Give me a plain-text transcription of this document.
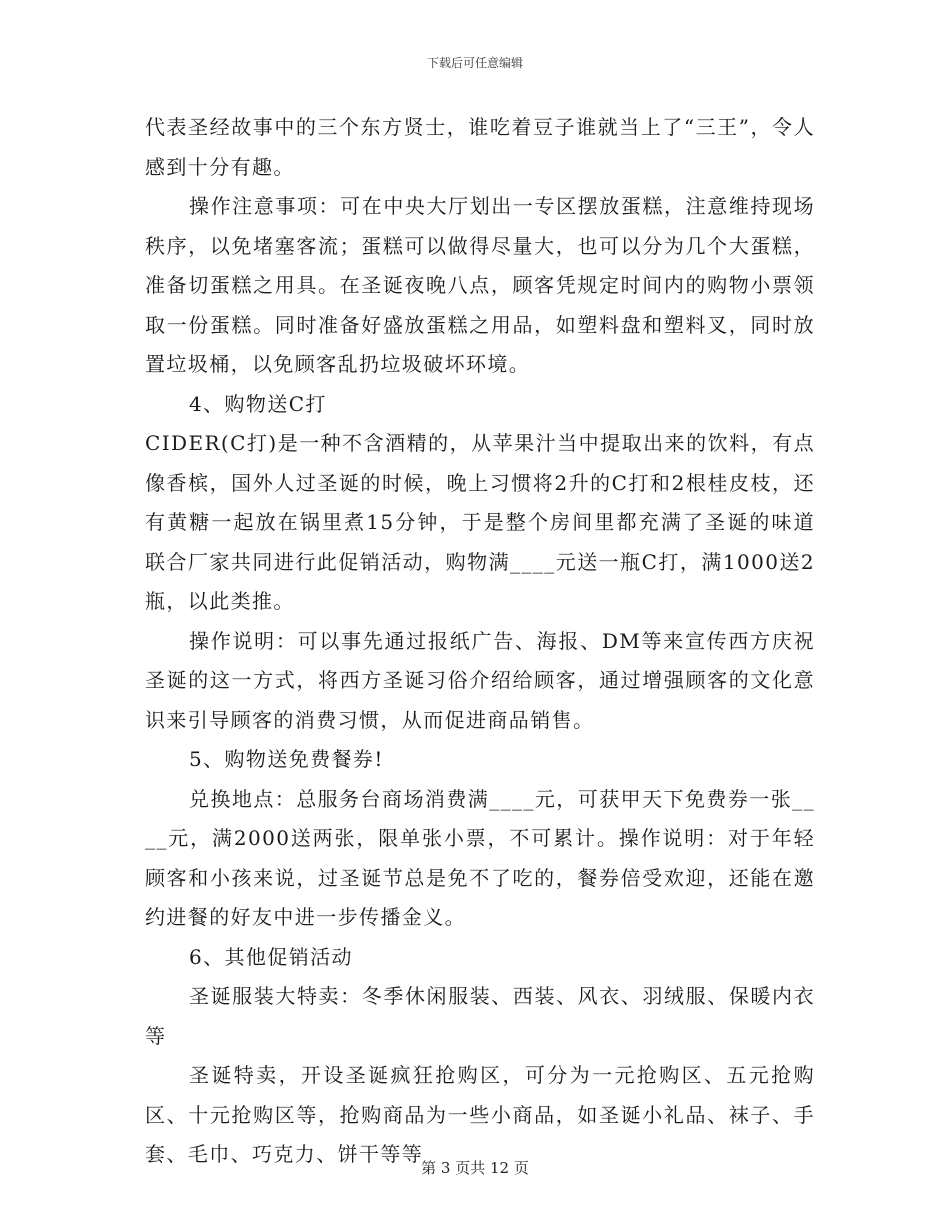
下载后可任意编辑

代表圣经故事中的三个东方贤士，谁吃着豆子谁就当上了“三王”，令人感到十分有趣。

操作注意事项：可在中央大厅划出一专区摆放蛋糕，注意维持现场秩序，以免堵塞客流；蛋糕可以做得尽量大，也可以分为几个大蛋糕，准备切蛋糕之用具。在圣诞夜晚八点，顾客凭规定时间内的购物小票领取一份蛋糕。同时准备好盛放蛋糕之用品，如塑料盘和塑料叉，同时放置垃圾桶，以免顾客乱扔垃圾破坏环境。

4、购物送C打

CIDER(C打)是一种不含酒精的，从苹果汁当中提取出来的饮料，有点像香槟，国外人过圣诞的时候，晚上习惯将2升的C打和2根桂皮枝，还有黄糖一起放在锅里煮15分钟，于是整个房间里都充满了圣诞的味道联合厂家共同进行此促销活动，购物满____元送一瓶C打，满1000送2瓶，以此类推。

操作说明：可以事先通过报纸广告、海报、DM等来宣传西方庆祝圣诞的这一方式，将西方圣诞习俗介绍给顾客，通过增强顾客的文化意识来引导顾客的消费习惯，从而促进商品销售。

5、购物送免费餐券!

兑换地点：总服务台商场消费满____元，可获甲天下免费券一张____元，满2000送两张，限单张小票，不可累计。操作说明：对于年轻顾客和小孩来说，过圣诞节总是免不了吃的，餐券倍受欢迎，还能在邀约进餐的好友中进一步传播金义。

6、其他促销活动

圣诞服装大特卖：冬季休闲服装、西装、风衣、羽绒服、保暖内衣等

圣诞特卖，开设圣诞疯狂抢购区，可分为一元抢购区、五元抢购区、十元抢购区等，抢购商品为一些小商品，如圣诞小礼品、袜子、手套、毛巾、巧克力、饼干等等

第 3 页共 12 页
